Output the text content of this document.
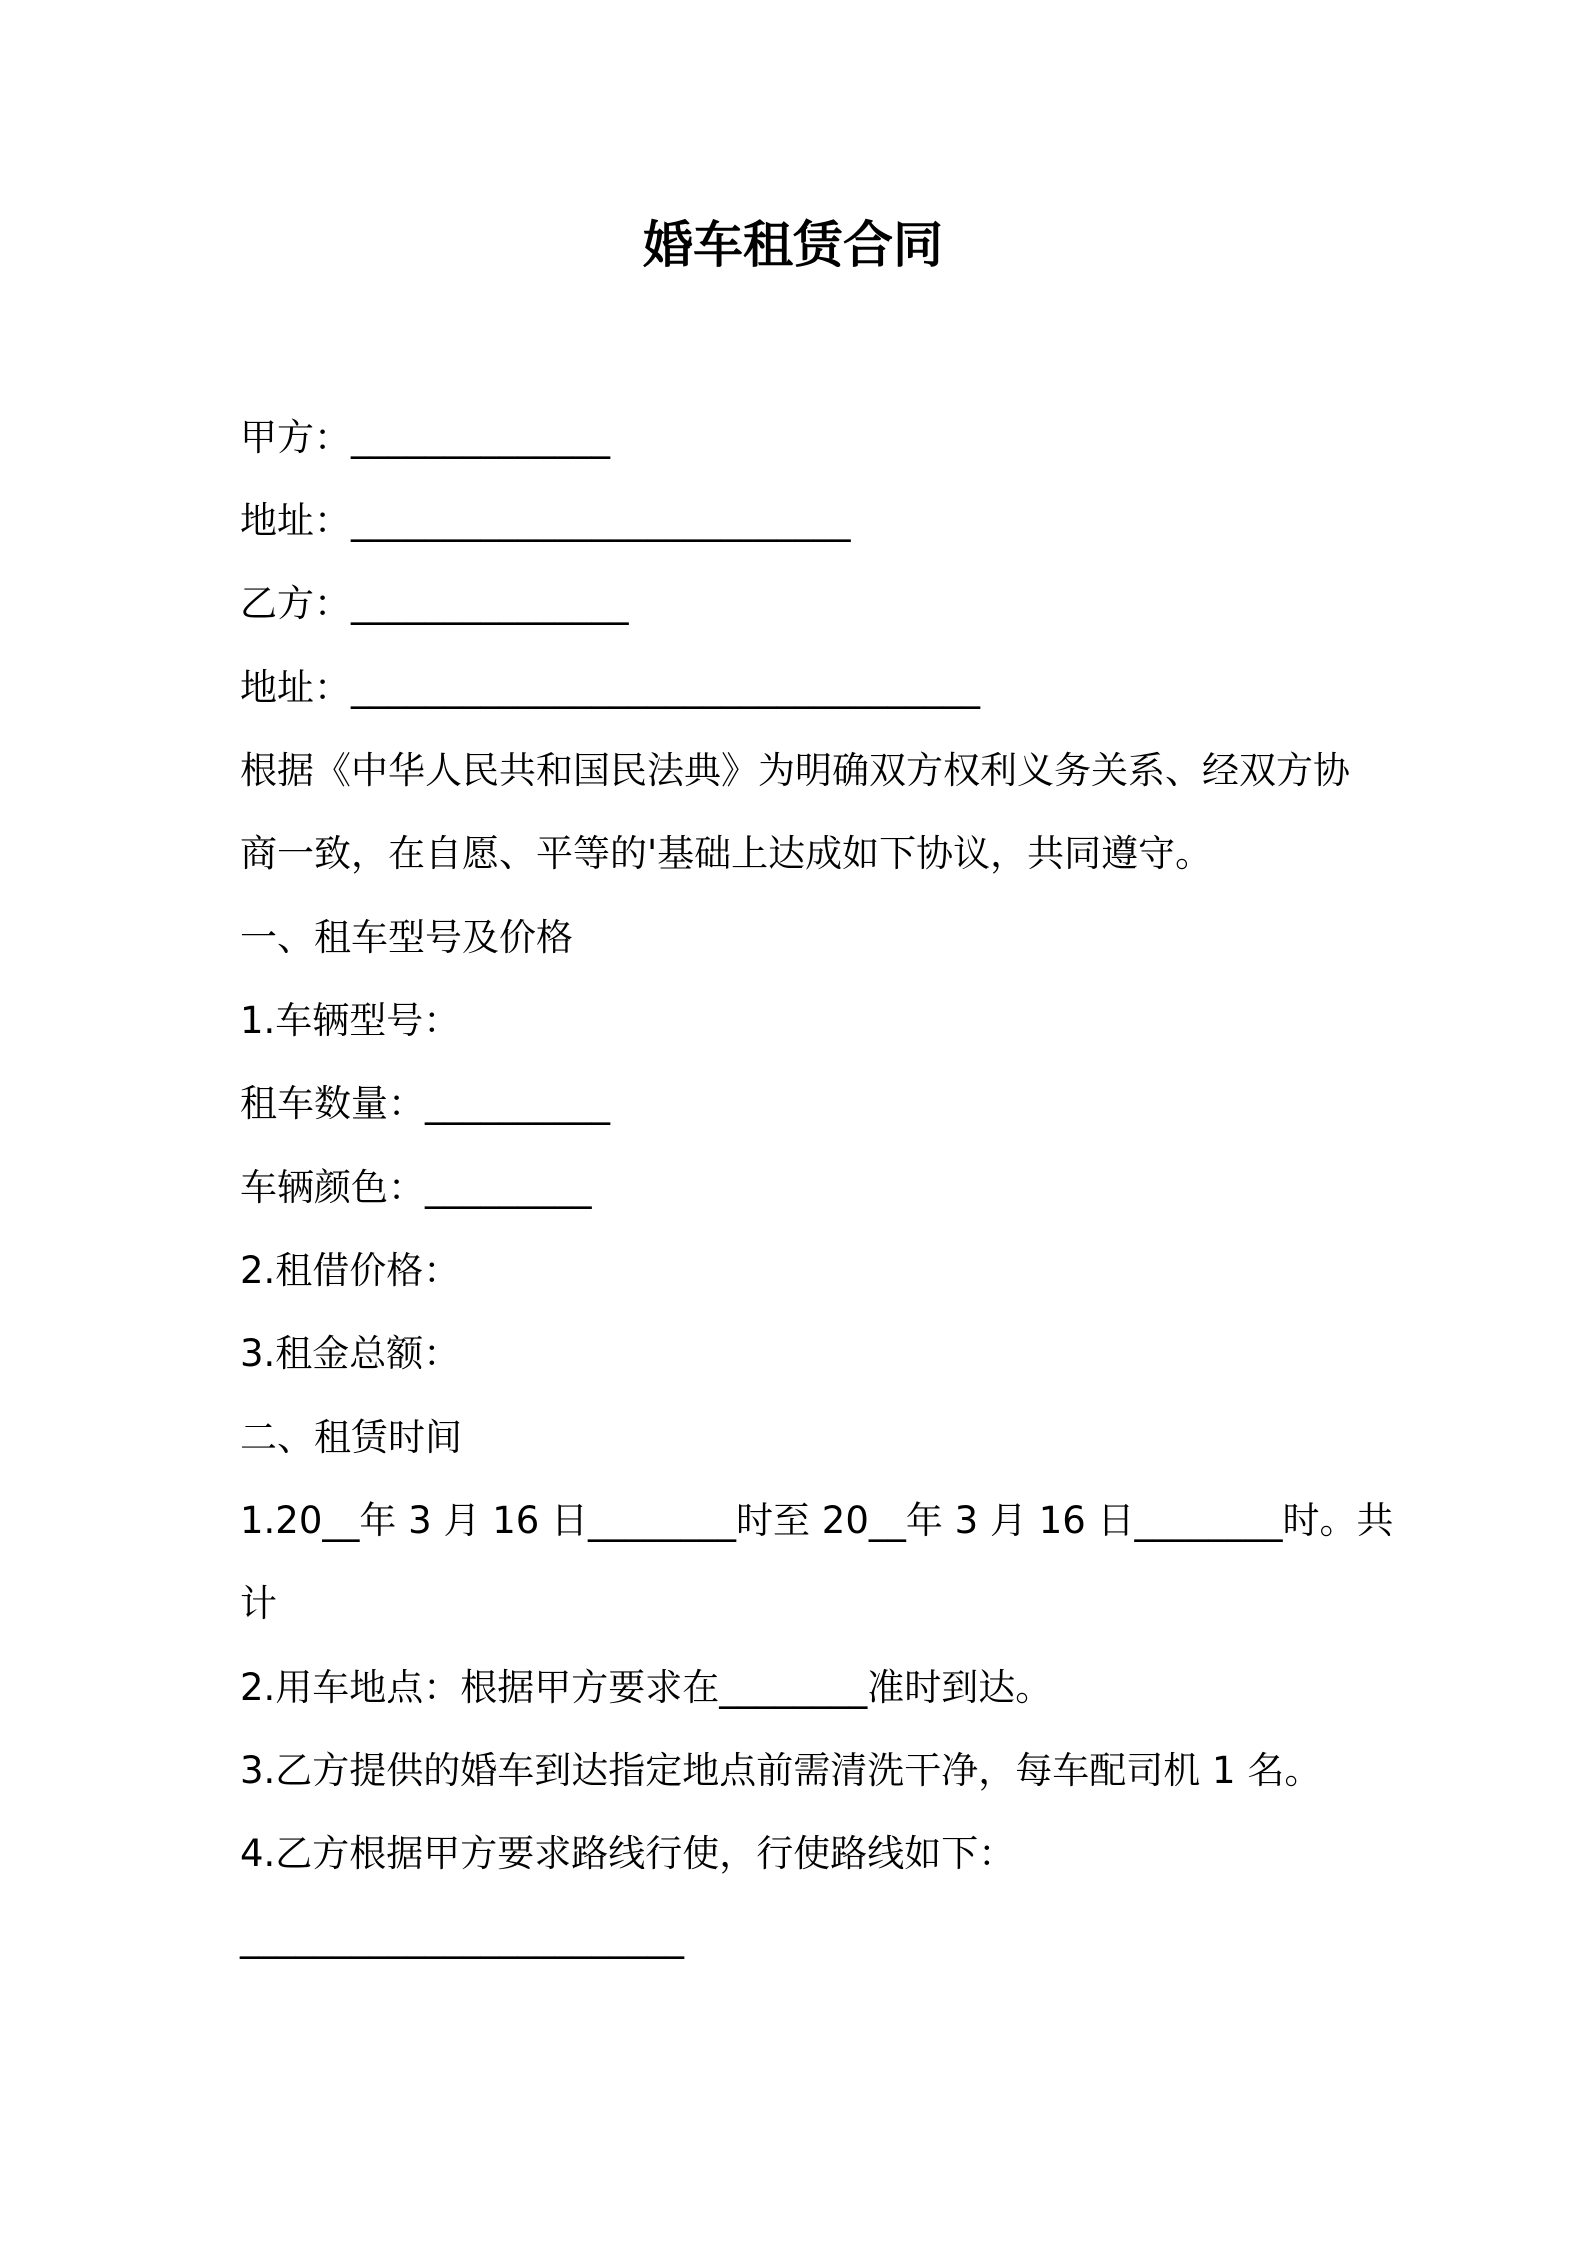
婚车租赁合同
甲方：______________
地址：___________________________
乙方：_______________
地址：__________________________________
根据《中华人民共和国民法典》为明确双方权利义务关系、经双方协
商一致，在自愿、平等的'基础上达成如下协议，共同遵守。
一、租车型号及价格
1.车辆型号：
租车数量：__________
车辆颜色：_________
2.租借价格：
3.租金总额：
二、租赁时间
1.20__年 3 月 16 日________时至 20__年 3 月 16 日________时。共
计
2.用车地点：根据甲方要求在________准时到达。
3.乙方提供的婚车到达指定地点前需清洗干净，每车配司机 1 名。
4.乙方根据甲方要求路线行使，行使路线如下：
________________________
